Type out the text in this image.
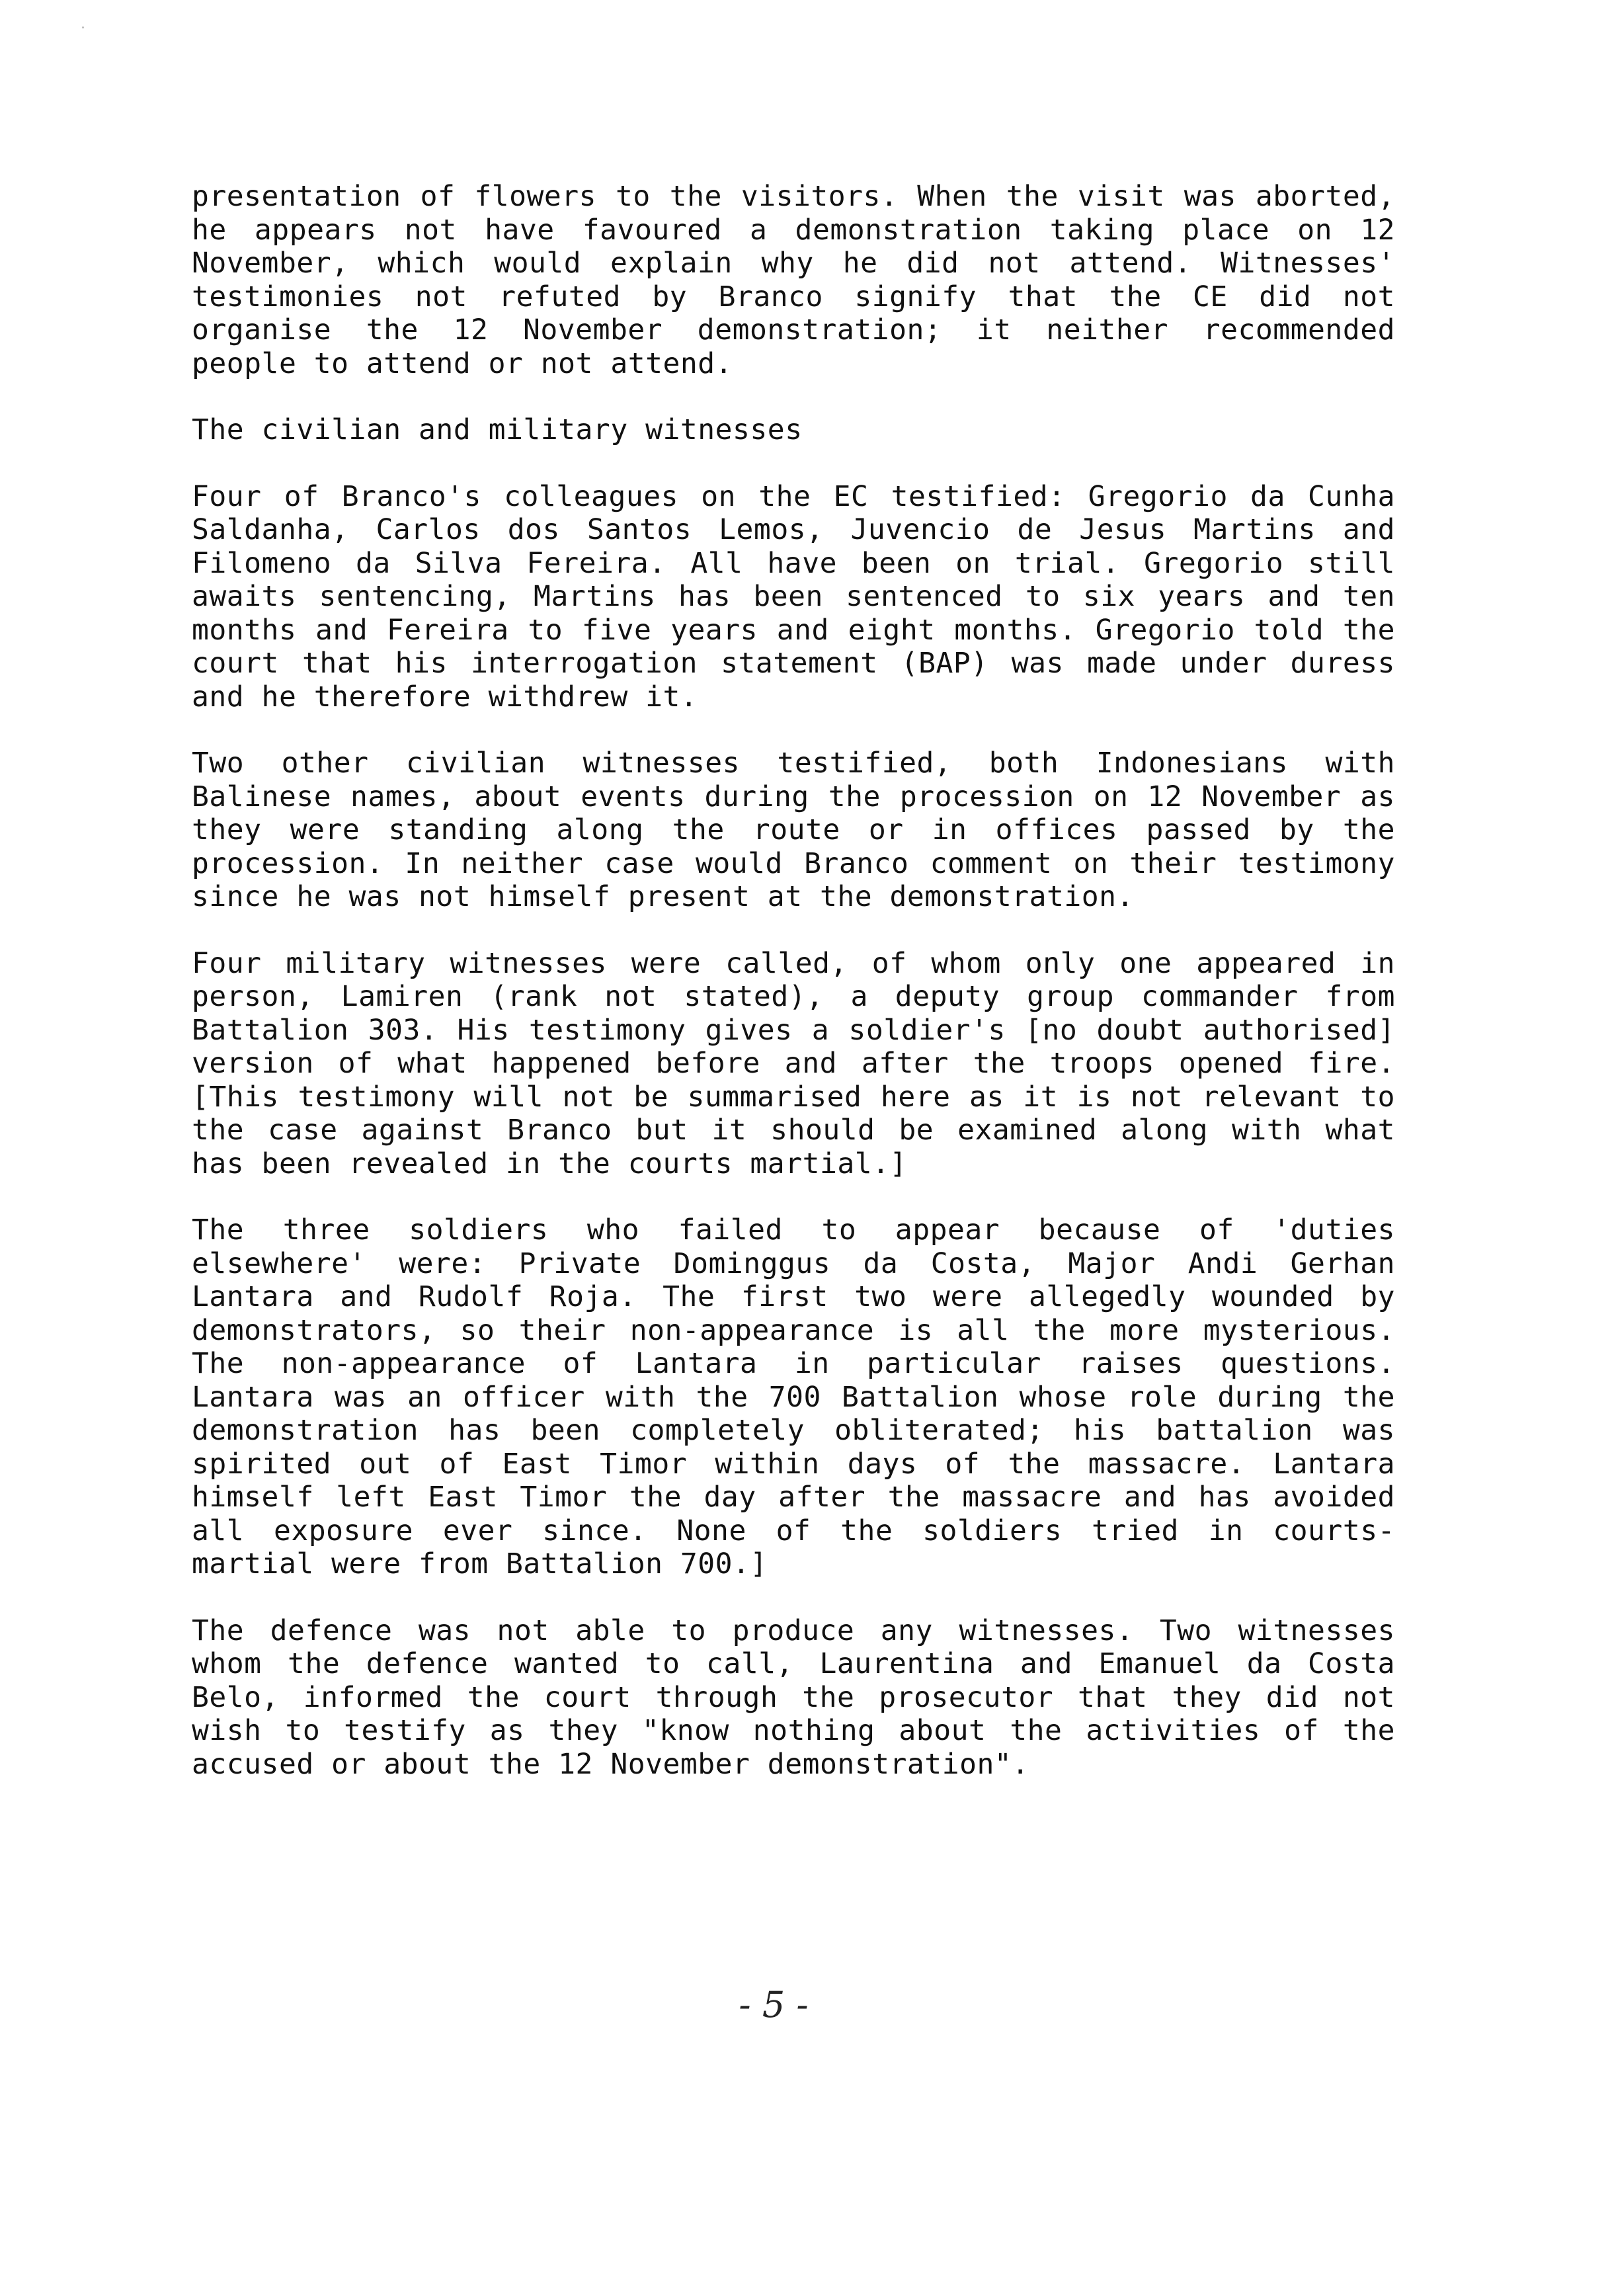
presentation of flowers to the visitors. When the visit was aborted, he appears not have favoured a demonstration taking place on 12 November, which would explain why he did not attend. Witnesses' testimonies not refuted by Branco signify that the CE did not organise the 12 November demonstration; it neither recommended people to attend or not attend.

The civilian and military witnesses

Four of Branco's colleagues on the EC testified: Gregorio da Cunha Saldanha, Carlos dos Santos Lemos, Juvencio de Jesus Martins and Filomeno da Silva Fereira. All have been on trial. Gregorio still awaits sentencing, Martins has been sentenced to six years and ten months and Fereira to five years and eight months. Gregorio told the court that his interrogation statement (BAP) was made under duress and he therefore withdrew it.

Two other civilian witnesses testified, both Indonesians with Balinese names, about events during the procession on 12 November as they were standing along the route or in offices passed by the procession. In neither case would Branco comment on their testimony since he was not himself present at the demonstration.

Four military witnesses were called, of whom only one appeared in person, Lamiren (rank not stated), a deputy group commander from Battalion 303. His testimony gives a soldier's [no doubt authorised] version of what happened before and after the troops opened fire. [This testimony will not be summarised here as it is not relevant to the case against Branco but it should be examined along with what has been revealed in the courts martial.]

The three soldiers who failed to appear because of 'duties elsewhere' were: Private Dominggus da Costa, Major Andi Gerhan Lantara and Rudolf Roja. The first two were allegedly wounded by demonstrators, so their non-appearance is all the more mysterious. The non-appearance of Lantara in particular raises questions. Lantara was an officer with the 700 Battalion whose role during the demonstration has been completely obliterated; his battalion was spirited out of East Timor within days of the massacre. Lantara himself left East Timor the day after the massacre and has avoided all exposure ever since. None of the soldiers tried in courts-martial were from Battalion 700.]

The defence was not able to produce any witnesses. Two witnesses whom the defence wanted to call, Laurentina and Emanuel da Costa Belo, informed the court through the prosecutor that they did not wish to testify as they "know nothing about the activities of the accused or about the 12 November demonstration".

- 5 -
